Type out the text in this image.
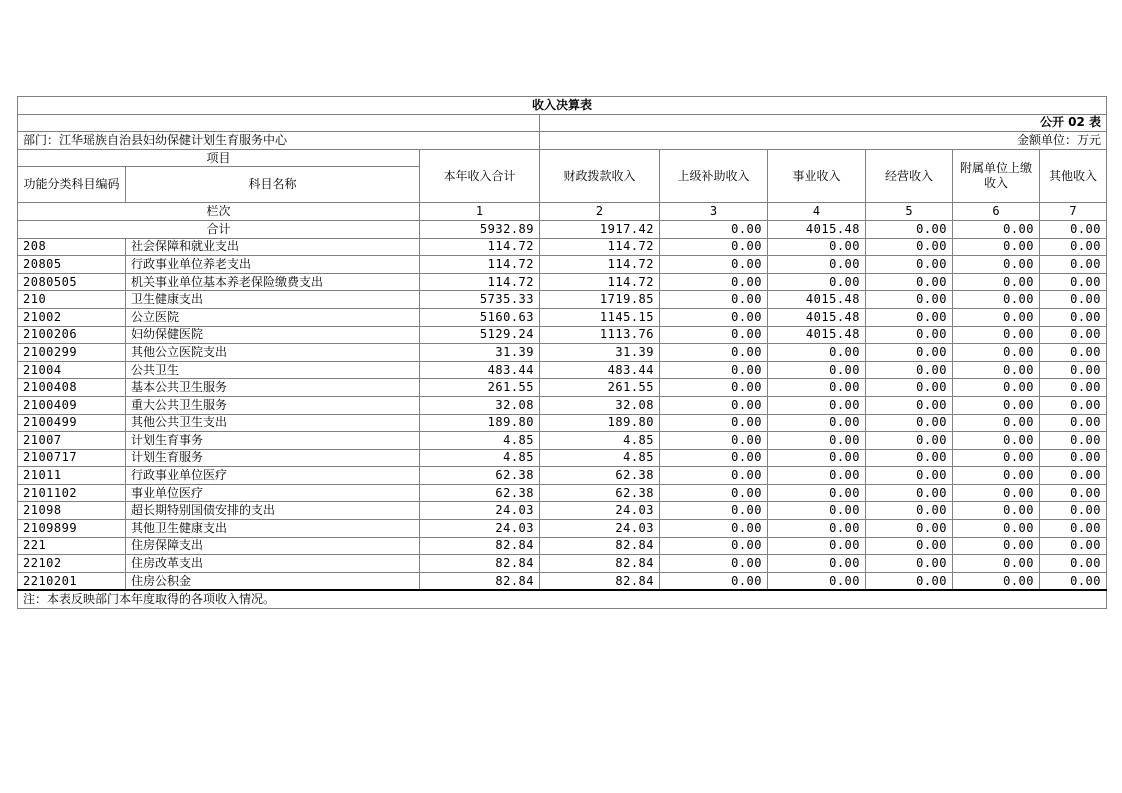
收入决算表								
			公开 02 表					
部门：江华瑶族自治县妇幼保健计划生育服务中心			金额单位：万元					
项目		本年收入合计	财政拨款收入	上级补助收入	事业收入	经营收入	附属单位上缴收入	其他收入
功能分类科目编码	科目名称							
栏次		1	2	3	4	5	6	7
合计		5932.89	1917.42	0.00	4015.48	0.00	0.00	0.00
208	社会保障和就业支出	114.72	114.72	0.00	0.00	0.00	0.00	0.00
20805	行政事业单位养老支出	114.72	114.72	0.00	0.00	0.00	0.00	0.00
2080505	机关事业单位基本养老保险缴费支出	114.72	114.72	0.00	0.00	0.00	0.00	0.00
210	卫生健康支出	5735.33	1719.85	0.00	4015.48	0.00	0.00	0.00
21002	公立医院	5160.63	1145.15	0.00	4015.48	0.00	0.00	0.00
2100206	妇幼保健医院	5129.24	1113.76	0.00	4015.48	0.00	0.00	0.00
2100299	其他公立医院支出	31.39	31.39	0.00	0.00	0.00	0.00	0.00
21004	公共卫生	483.44	483.44	0.00	0.00	0.00	0.00	0.00
2100408	基本公共卫生服务	261.55	261.55	0.00	0.00	0.00	0.00	0.00
2100409	重大公共卫生服务	32.08	32.08	0.00	0.00	0.00	0.00	0.00
2100499	其他公共卫生支出	189.80	189.80	0.00	0.00	0.00	0.00	0.00
21007	计划生育事务	4.85	4.85	0.00	0.00	0.00	0.00	0.00
2100717	计划生育服务	4.85	4.85	0.00	0.00	0.00	0.00	0.00
21011	行政事业单位医疗	62.38	62.38	0.00	0.00	0.00	0.00	0.00
2101102	事业单位医疗	62.38	62.38	0.00	0.00	0.00	0.00	0.00
21098	超长期特别国债安排的支出	24.03	24.03	0.00	0.00	0.00	0.00	0.00
2109899	其他卫生健康支出	24.03	24.03	0.00	0.00	0.00	0.00	0.00
221	住房保障支出	82.84	82.84	0.00	0.00	0.00	0.00	0.00
22102	住房改革支出	82.84	82.84	0.00	0.00	0.00	0.00	0.00
2210201	住房公积金	82.84	82.84	0.00	0.00	0.00	0.00	0.00
注：本表反映部门本年度取得的各项收入情况。								
